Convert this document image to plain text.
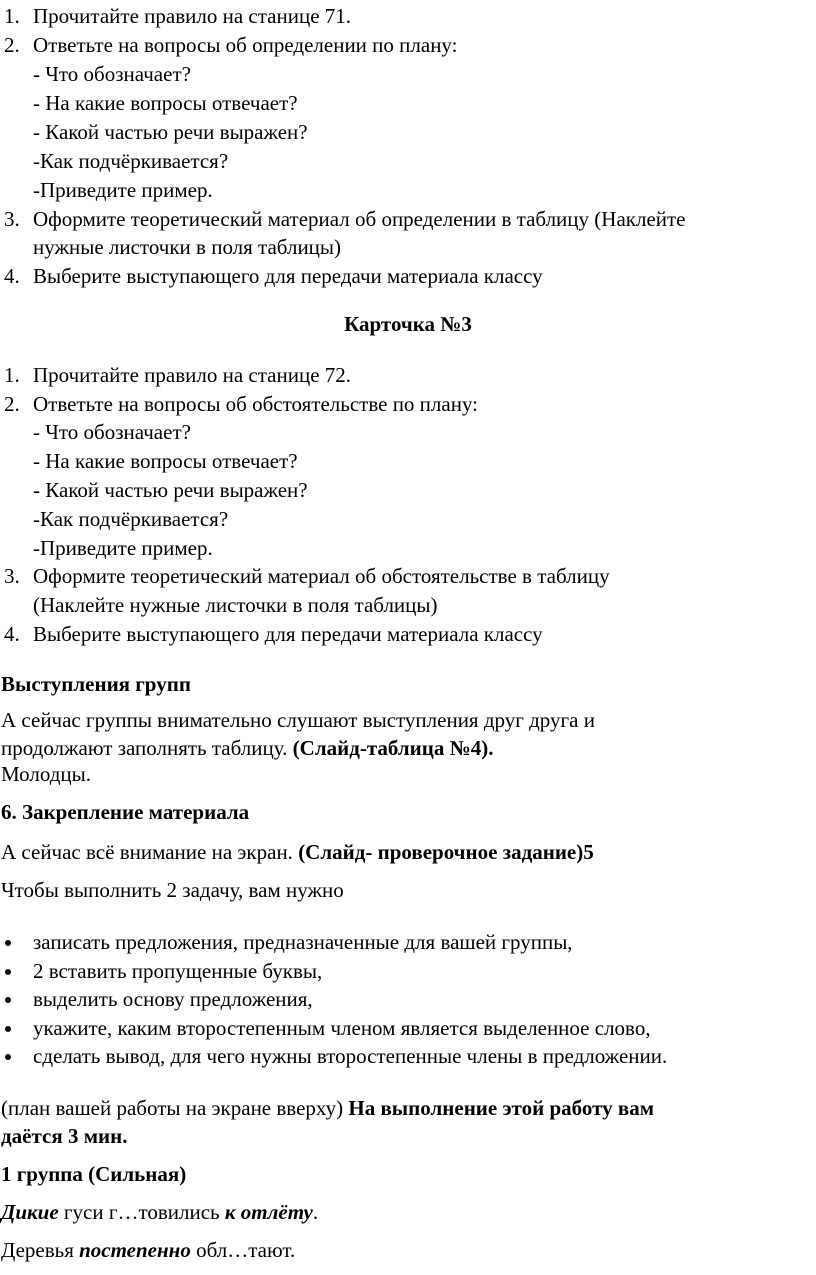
1. Прочитайте правило на станице 71.
2. Ответьте на вопросы об определении по плану:
- Что обозначает?
- На какие вопросы отвечает?
- Какой частью речи выражен?
-Как подчёркивается?
-Приведите пример.
3. Оформите теоретический материал об определении в таблицу (Наклейте
нужные листочки в поля таблицы)
4. Выберите выступающего для передачи материала классу
Карточка №3
1. Прочитайте правило на станице 72.
2. Ответьте на вопросы об обстоятельстве по плану:
- Что обозначает?
- На какие вопросы отвечает?
- Какой частью речи выражен?
-Как подчёркивается?
-Приведите пример.
3. Оформите теоретический материал об обстоятельстве в таблицу
(Наклейте нужные листочки в поля таблицы)
4. Выберите выступающего для передачи материала классу
Выступления групп
А сейчас группы внимательно слушают выступления друг друга и
продолжают заполнять таблицу. (Слайд-таблица №4).
Молодцы.
6. Закрепление материала
А сейчас всё внимание на экран. (Слайд- проверочное задание)5
Чтобы выполнить 2 задачу, вам нужно
записать предложения, предназначенные для вашей группы,
2 вставить пропущенные буквы,
выделить основу предложения,
укажите, каким второстепенным членом является выделенное слово,
сделать вывод, для чего нужны второстепенные члены в предложении.
(план вашей работы на экране вверху) На выполнение этой работу вам
даётся 3 мин.
1 группа (Сильная)
Дикие гуси г…товились к отлёту.
Деревья постепенно обл…тают.
